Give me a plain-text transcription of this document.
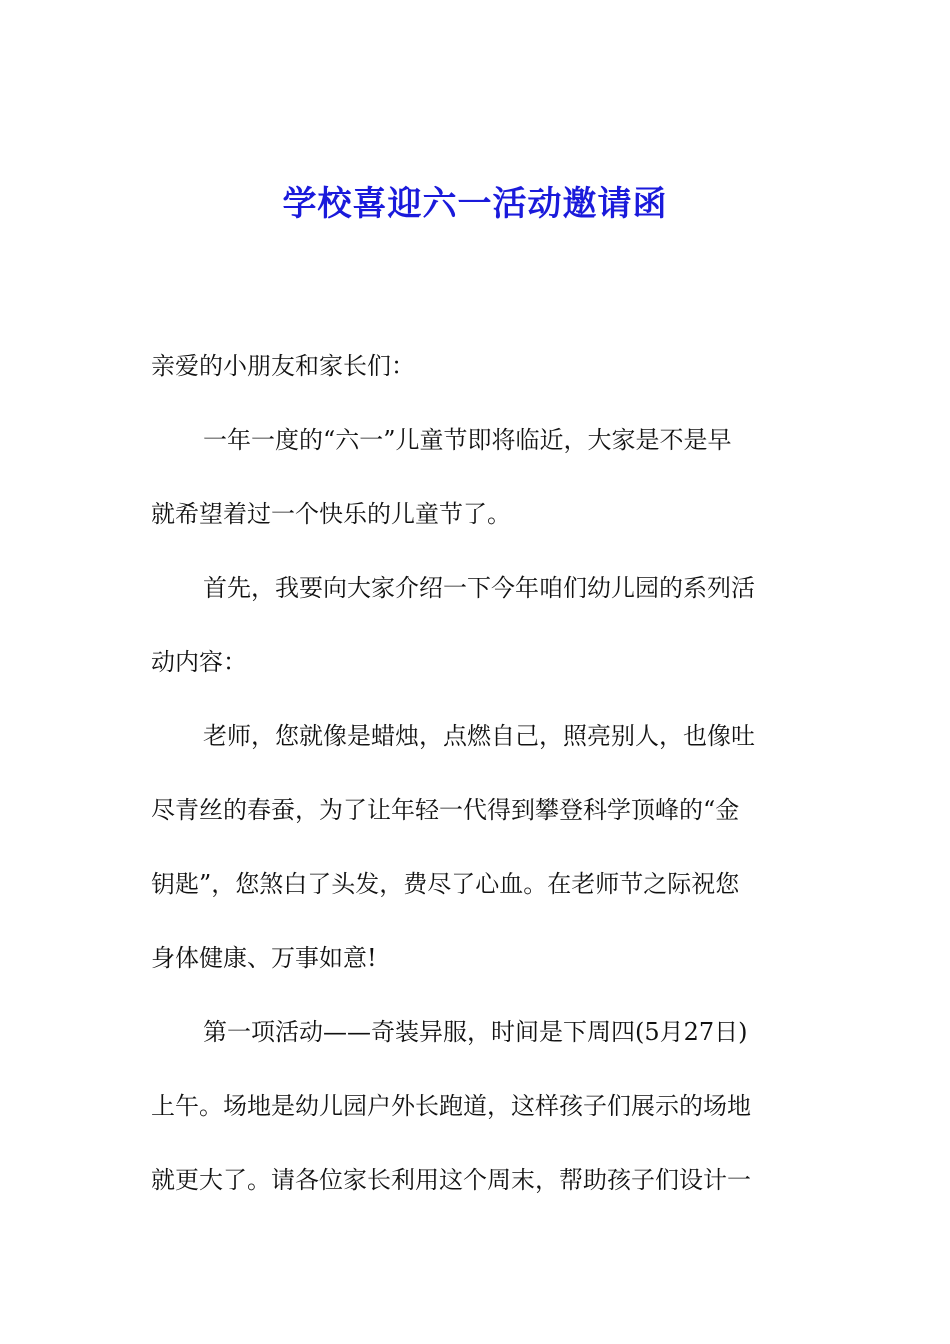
学校喜迎六一活动邀请函
亲爱的小朋友和家长们：
一年一度的“六一”儿童节即将临近，大家是不是早
就希望着过一个快乐的儿童节了。
首先，我要向大家介绍一下今年咱们幼儿园的系列活
动内容：
老师，您就像是蜡烛，点燃自己，照亮别人，也像吐
尽青丝的春蚕，为了让年轻一代得到攀登科学顶峰的“金
钥匙”，您煞白了头发，费尽了心血。在老师节之际祝您
身体健康、万事如意!
第一项活动——奇装异服，时间是下周四(5月27日)
上午。场地是幼儿园户外长跑道，这样孩子们展示的场地
就更大了。请各位家长利用这个周末，帮助孩子们设计一
